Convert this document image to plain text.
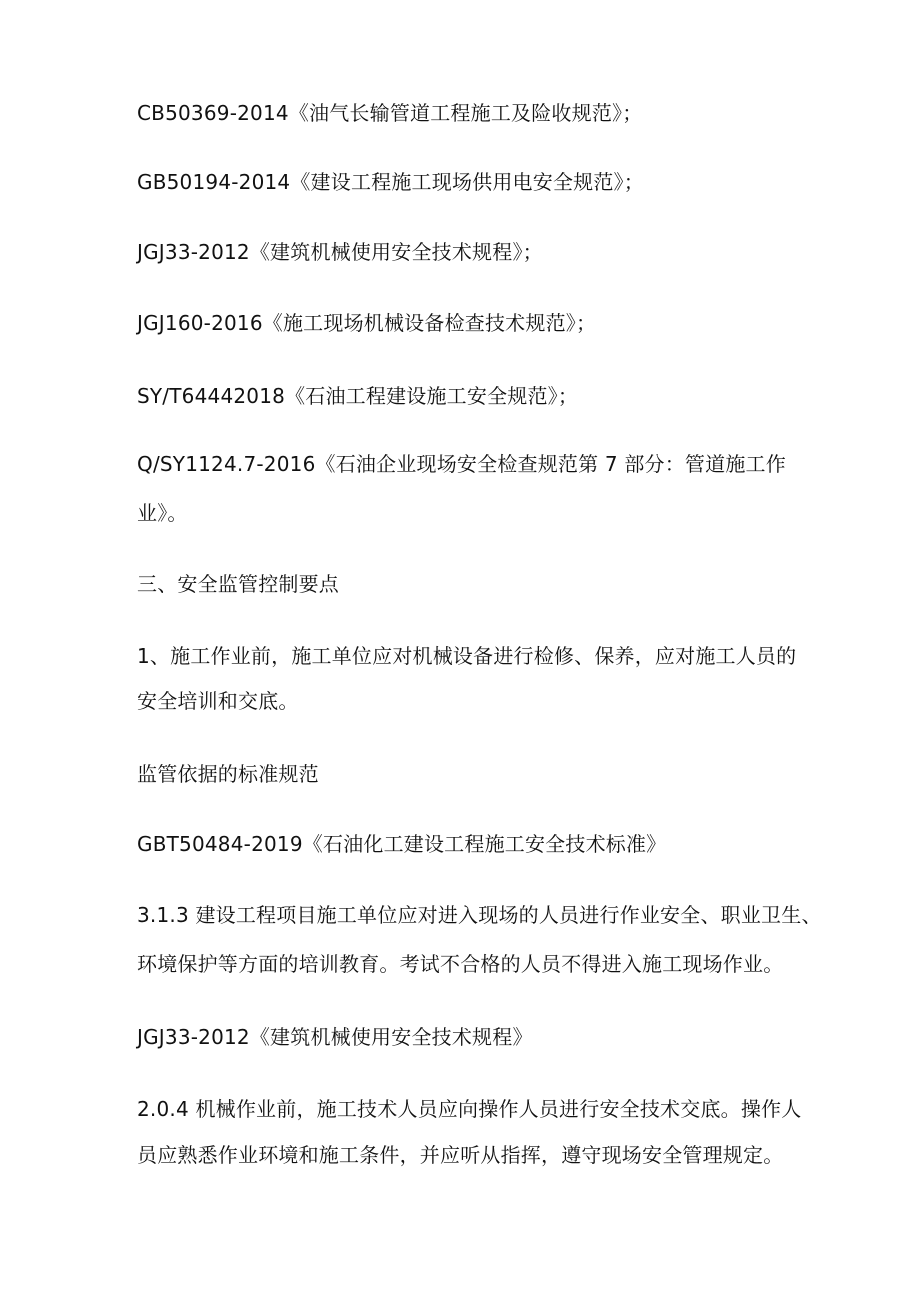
CB50369-2014《油气长输管道工程施工及险收规范》；
GB50194-2014《建设工程施工现场供用电安全规范》；
JGJ33-2012《建筑机械使用安全技术规程》；
JGJ160-2016《施工现场机械设备检查技术规范》；
SY/T64442018《石油工程建设施工安全规范》；
Q/SY1124.7-2016《石油企业现场安全检查规范第 7 部分：管道施工作
业》。
三、安全监管控制要点
1、施工作业前，施工单位应对机械设备进行检修、保养，应对施工人员的
安全培训和交底。
监管依据的标准规范
GBT50484-2019《石油化工建设工程施工安全技术标准》
3.1.3 建设工程项目施工单位应对进入现场的人员进行作业安全、职业卫生、
环境保护等方面的培训教育。考试不合格的人员不得进入施工现场作业。
JGJ33-2012《建筑机械使用安全技术规程》
2.0.4 机械作业前，施工技术人员应向操作人员进行安全技术交底。操作人
员应熟悉作业环境和施工条件，并应听从指挥，遵守现场安全管理规定。
